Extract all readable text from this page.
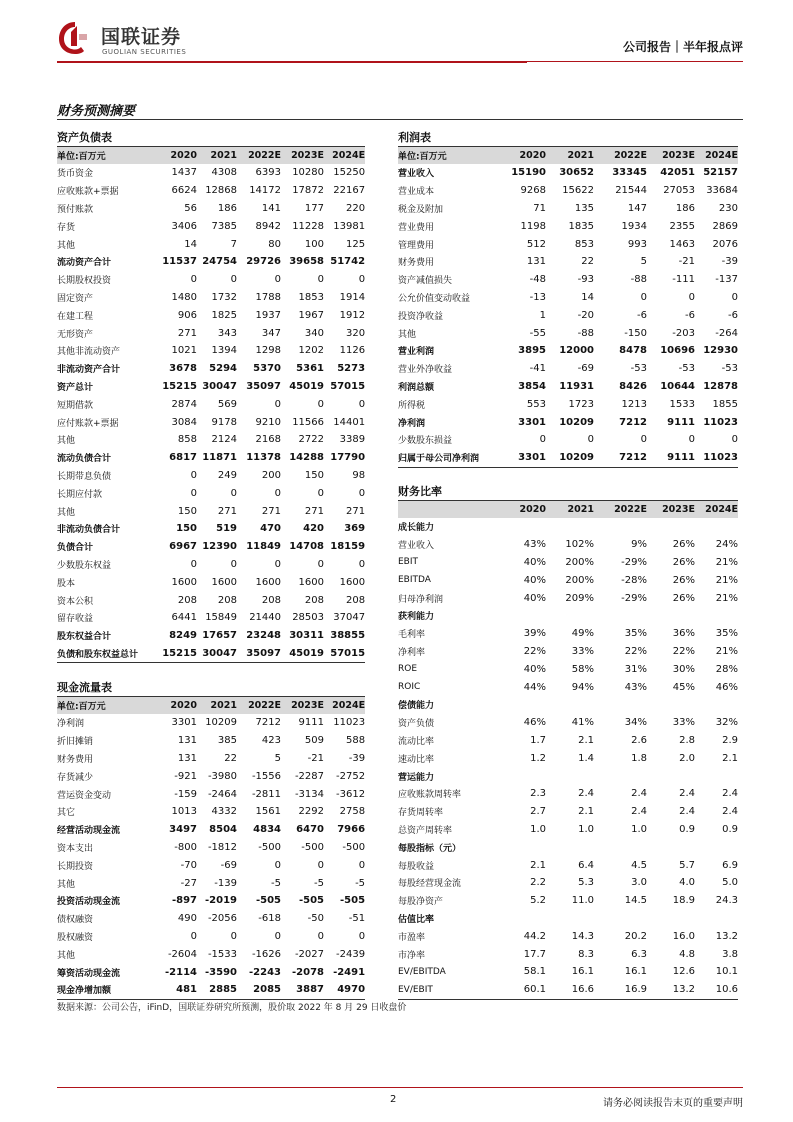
国联证券
GUOLIAN SECURITIES	公司报告｜半年报点评
财务预测摘要
资产负债表					
单位:百万元	2020	2021	2022E	2023E	2024E
货币资金	1437	4308	6393	10280	15250
应收账款+票据	6624	12868	14172	17872	22167
预付账款	56	186	141	177	220
存货	3406	7385	8942	11228	13981
其他	14	7	80	100	125
流动资产合计	11537	24754	29726	39658	51742
长期股权投资	0	0	0	0	0
固定资产	1480	1732	1788	1853	1914
在建工程	906	1825	1937	1967	1912
无形资产	271	343	347	340	320
其他非流动资产	1021	1394	1298	1202	1126
非流动资产合计	3678	5294	5370	5361	5273
资产总计	15215	30047	35097	45019	57015
短期借款	2874	569	0	0	0
应付账款+票据	3084	9178	9210	11566	14401
其他	858	2124	2168	2722	3389
流动负债合计	6817	11871	11378	14288	17790
长期带息负债	0	249	200	150	98
长期应付款	0	0	0	0	0
其他	150	271	271	271	271
非流动负债合计	150	519	470	420	369
负债合计	6967	12390	11849	14708	18159
少数股东权益	0	0	0	0	0
股本	1600	1600	1600	1600	1600
资本公积	208	208	208	208	208
留存收益	6441	15849	21440	28503	37047
股东权益合计	8249	17657	23248	30311	38855
负债和股东权益总计	15215	30047	35097	45019	57015
利润表					
单位:百万元	2020	2021	2022E	2023E	2024E
营业收入	15190	30652	33345	42051	52157
营业成本	9268	15622	21544	27053	33684
税金及附加	71	135	147	186	230
营业费用	1198	1835	1934	2355	2869
管理费用	512	853	993	1463	2076
财务费用	131	22	5	-21	-39
资产减值损失	-48	-93	-88	-111	-137
公允价值变动收益	-13	14	0	0	0
投资净收益	1	-20	-6	-6	-6
其他	-55	-88	-150	-203	-264
营业利润	3895	12000	8478	10696	12930
营业外净收益	-41	-69	-53	-53	-53
利润总额	3854	11931	8426	10644	12878
所得税	553	1723	1213	1533	1855
净利润	3301	10209	7212	9111	11023
少数股东损益	0	0	0	0	0
归属于母公司净利润	3301	10209	7212	9111	11023
财务比率					
	2020	2021	2022E	2023E	2024E
成长能力					
营业收入	43%	102%	9%	26%	24%
EBIT	40%	200%	-29%	26%	21%
EBITDA	40%	200%	-28%	26%	21%
归母净利润	40%	209%	-29%	26%	21%
获利能力					
毛利率	39%	49%	35%	36%	35%
净利率	22%	33%	22%	22%	21%
ROE	40%	58%	31%	30%	28%
ROIC	44%	94%	43%	45%	46%
偿债能力					
资产负债	46%	41%	34%	33%	32%
流动比率	1.7	2.1	2.6	2.8	2.9
速动比率	1.2	1.4	1.8	2.0	2.1
营运能力					
应收账款周转率	2.3	2.4	2.4	2.4	2.4
存货周转率	2.7	2.1	2.4	2.4	2.4
总资产周转率	1.0	1.0	1.0	0.9	0.9
每股指标（元）					
每股收益	2.1	6.4	4.5	5.7	6.9
每股经营现金流	2.2	5.3	3.0	4.0	5.0
每股净资产	5.2	11.0	14.5	18.9	24.3
估值比率					
市盈率	44.2	14.3	20.2	16.0	13.2
市净率	17.7	8.3	6.3	4.8	3.8
EV/EBITDA	58.1	16.1	16.1	12.6	10.1
EV/EBIT	60.1	16.6	16.9	13.2	10.6
现金流量表					
单位:百万元	2020	2021	2022E	2023E	2024E
净利润	3301	10209	7212	9111	11023
折旧摊销	131	385	423	509	588
财务费用	131	22	5	-21	-39
存货减少	-921	-3980	-1556	-2287	-2752
营运资金变动	-159	-2464	-2811	-3134	-3612
其它	1013	4332	1561	2292	2758
经营活动现金流	3497	8504	4834	6470	7966
资本支出	-800	-1812	-500	-500	-500
长期投资	-70	-69	0	0	0
其他	-27	-139	-5	-5	-5
投资活动现金流	-897	-2019	-505	-505	-505
债权融资	490	-2056	-618	-50	-51
股权融资	0	0	0	0	0
其他	-2604	-1533	-1626	-2027	-2439
筹资活动现金流	-2114	-3590	-2243	-2078	-2491
现金净增加额	481	2885	2085	3887	4970
数据来源：公司公告，iFinD，国联证券研究所预测，股价取 2022 年 8 月 29 日收盘价
2	请务必阅读报告末页的重要声明
